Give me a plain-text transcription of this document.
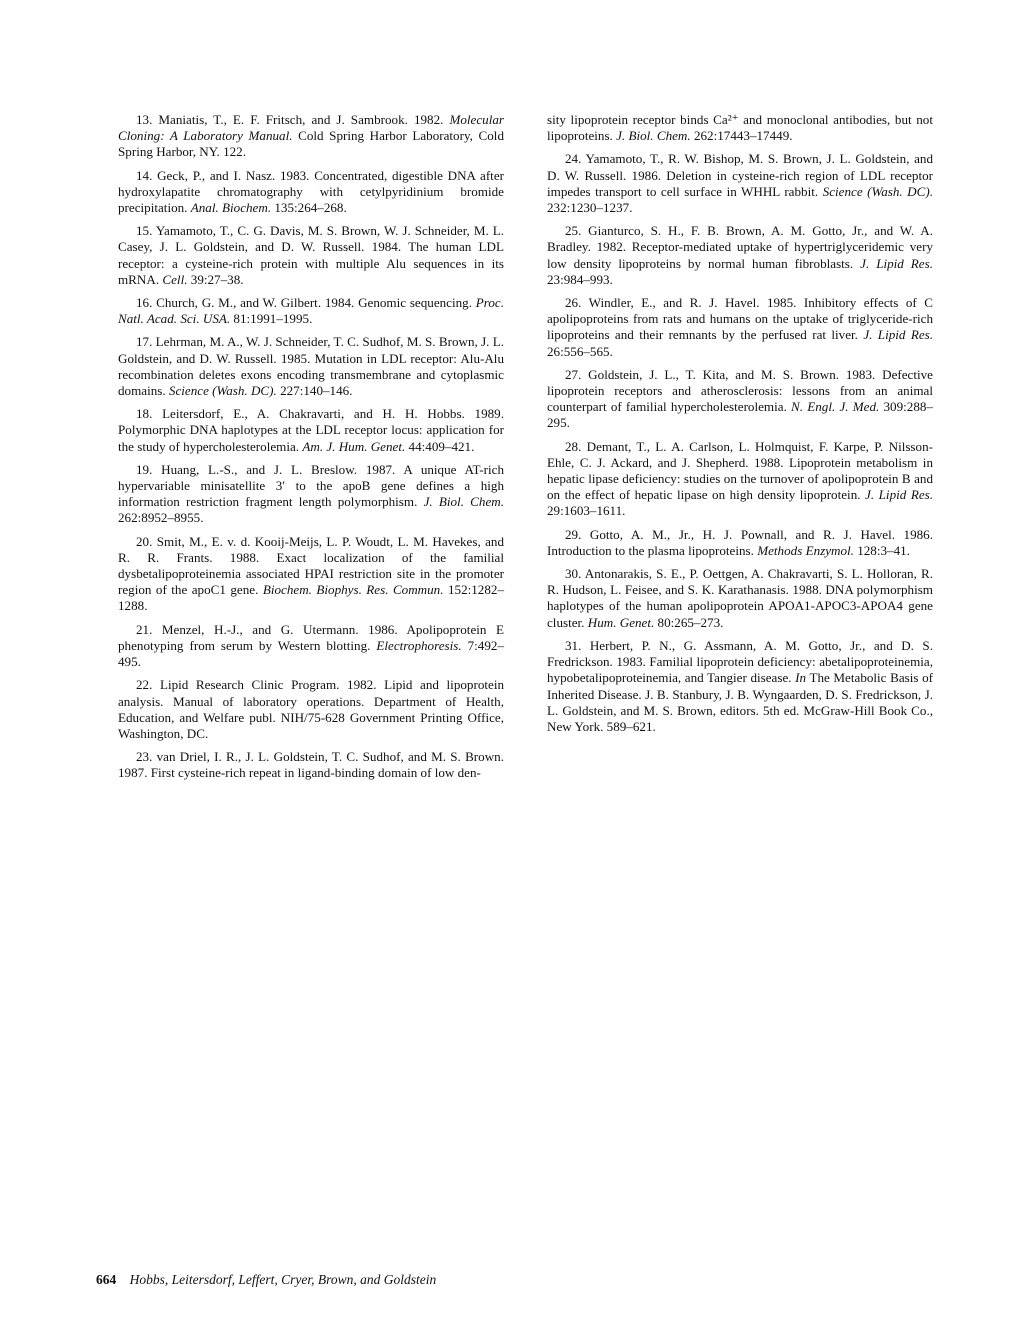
13. Maniatis, T., E. F. Fritsch, and J. Sambrook. 1982. Molecular Cloning: A Laboratory Manual. Cold Spring Harbor Laboratory, Cold Spring Harbor, NY. 122.

14. Geck, P., and I. Nasz. 1983. Concentrated, digestible DNA after hydroxylapatite chromatography with cetylpyridinium bromide precipitation. Anal. Biochem. 135:264–268.

15. Yamamoto, T., C. G. Davis, M. S. Brown, W. J. Schneider, M. L. Casey, J. L. Goldstein, and D. W. Russell. 1984. The human LDL receptor: a cysteine-rich protein with multiple Alu sequences in its mRNA. Cell. 39:27–38.

16. Church, G. M., and W. Gilbert. 1984. Genomic sequencing. Proc. Natl. Acad. Sci. USA. 81:1991–1995.

17. Lehrman, M. A., W. J. Schneider, T. C. Sudhof, M. S. Brown, J. L. Goldstein, and D. W. Russell. 1985. Mutation in LDL receptor: Alu-Alu recombination deletes exons encoding transmembrane and cytoplasmic domains. Science (Wash. DC). 227:140–146.

18. Leitersdorf, E., A. Chakravarti, and H. H. Hobbs. 1989. Polymorphic DNA haplotypes at the LDL receptor locus: application for the study of hypercholesterolemia. Am. J. Hum. Genet. 44:409–421.

19. Huang, L.-S., and J. L. Breslow. 1987. A unique AT-rich hypervariable minisatellite 3′ to the apoB gene defines a high information restriction fragment length polymorphism. J. Biol. Chem. 262:8952–8955.

20. Smit, M., E. v. d. Kooij-Meijs, L. P. Woudt, L. M. Havekes, and R. R. Frants. 1988. Exact localization of the familial dysbetalipoproteinemia associated HPAI restriction site in the promoter region of the apoC1 gene. Biochem. Biophys. Res. Commun. 152:1282–1288.

21. Menzel, H.-J., and G. Utermann. 1986. Apolipoprotein E phenotyping from serum by Western blotting. Electrophoresis. 7:492–495.

22. Lipid Research Clinic Program. 1982. Lipid and lipoprotein analysis. Manual of laboratory operations. Department of Health, Education, and Welfare publ. NIH/75-628 Government Printing Office, Washington, DC.

23. van Driel, I. R., J. L. Goldstein, T. C. Sudhof, and M. S. Brown. 1987. First cysteine-rich repeat in ligand-binding domain of low den-

sity lipoprotein receptor binds Ca²⁺ and monoclonal antibodies, but not lipoproteins. J. Biol. Chem. 262:17443–17449.

24. Yamamoto, T., R. W. Bishop, M. S. Brown, J. L. Goldstein, and D. W. Russell. 1986. Deletion in cysteine-rich region of LDL receptor impedes transport to cell surface in WHHL rabbit. Science (Wash. DC). 232:1230–1237.

25. Gianturco, S. H., F. B. Brown, A. M. Gotto, Jr., and W. A. Bradley. 1982. Receptor-mediated uptake of hypertriglyceridemic very low density lipoproteins by normal human fibroblasts. J. Lipid Res. 23:984–993.

26. Windler, E., and R. J. Havel. 1985. Inhibitory effects of C apolipoproteins from rats and humans on the uptake of triglyceride-rich lipoproteins and their remnants by the perfused rat liver. J. Lipid Res. 26:556–565.

27. Goldstein, J. L., T. Kita, and M. S. Brown. 1983. Defective lipoprotein receptors and atherosclerosis: lessons from an animal counterpart of familial hypercholesterolemia. N. Engl. J. Med. 309:288–295.

28. Demant, T., L. A. Carlson, L. Holmquist, F. Karpe, P. Nilsson-Ehle, C. J. Ackard, and J. Shepherd. 1988. Lipoprotein metabolism in hepatic lipase deficiency: studies on the turnover of apolipoprotein B and on the effect of hepatic lipase on high density lipoprotein. J. Lipid Res. 29:1603–1611.

29. Gotto, A. M., Jr., H. J. Pownall, and R. J. Havel. 1986. Introduction to the plasma lipoproteins. Methods Enzymol. 128:3–41.

30. Antonarakis, S. E., P. Oettgen, A. Chakravarti, S. L. Holloran, R. R. Hudson, L. Feisee, and S. K. Karathanasis. 1988. DNA polymorphism haplotypes of the human apolipoprotein APOA1-APOC3-APOA4 gene cluster. Hum. Genet. 80:265–273.

31. Herbert, P. N., G. Assmann, A. M. Gotto, Jr., and D. S. Fredrickson. 1983. Familial lipoprotein deficiency: abetalipoproteinemia, hypobetalipoproteinemia, and Tangier disease. In The Metabolic Basis of Inherited Disease. J. B. Stanbury, J. B. Wyngaarden, D. S. Fredrickson, J. L. Goldstein, and M. S. Brown, editors. 5th ed. McGraw-Hill Book Co., New York. 589–621.

664 Hobbs, Leitersdorf, Leffert, Cryer, Brown, and Goldstein
